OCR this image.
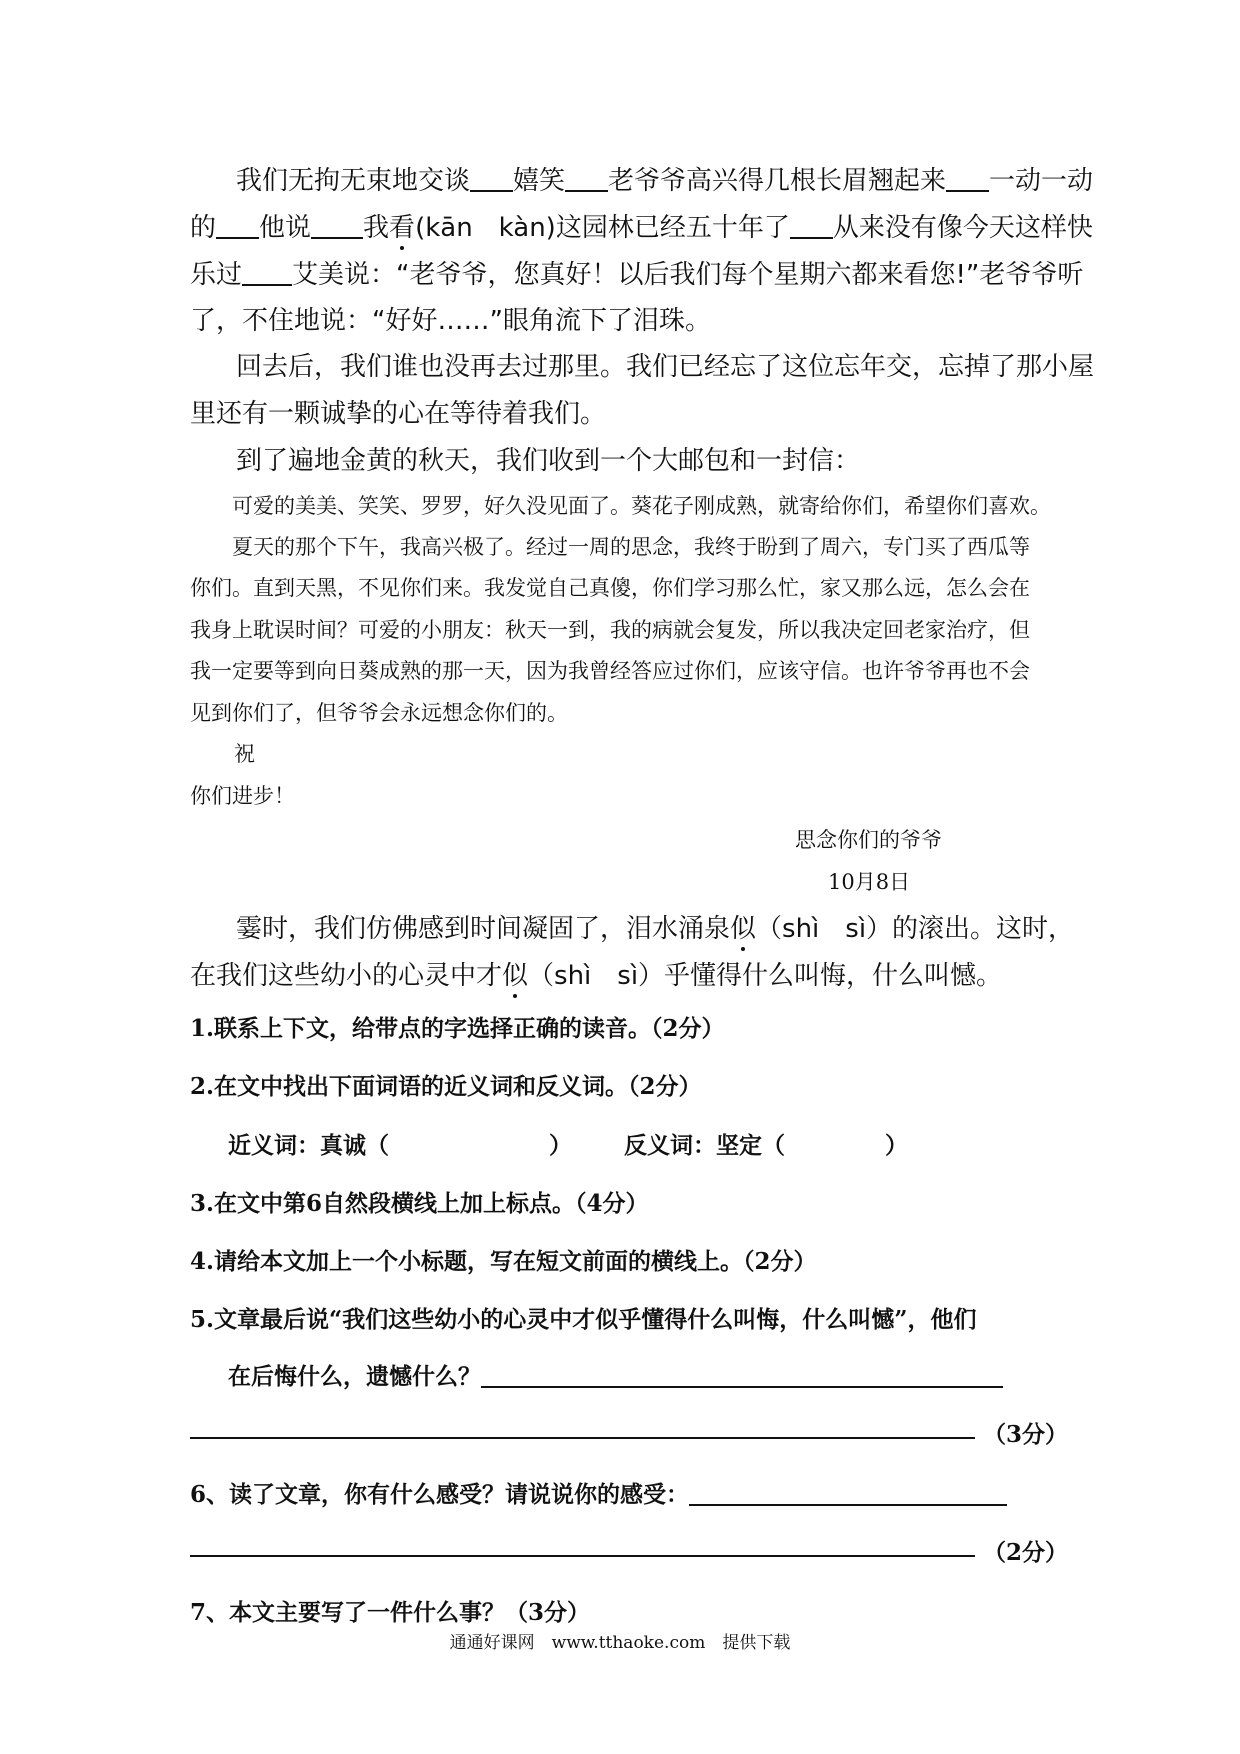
我们无拘无束地交谈 嬉笑 老爷爷高兴得几根长眉翘起来 一动一动
的 他说 我看(kān　kàn)这园林已经五十年了 从来没有像今天这样快
乐过 艾美说：“老爷爷，您真好！以后我们每个星期六都来看您!”老爷爷听
了，不住地说：“好好……”眼角流下了泪珠。
回去后，我们谁也没再去过那里。我们已经忘了这位忘年交，忘掉了那小屋
里还有一颗诚挚的心在等待着我们。
到了遍地金黄的秋天，我们收到一个大邮包和一封信：
可爱的美美、笑笑、罗罗，好久没见面了。葵花子刚成熟，就寄给你们，希望你们喜欢。
夏天的那个下午，我高兴极了。经过一周的思念，我终于盼到了周六，专门买了西瓜等
你们。直到天黑，不见你们来。我发觉自己真傻，你们学习那么忙，家又那么远，怎么会在
我身上耽误时间？可爱的小朋友：秋天一到，我的病就会复发，所以我决定回老家治疗，但
我一定要等到向日葵成熟的那一天，因为我曾经答应过你们，应该守信。也许爷爷再也不会
见到你们了，但爷爷会永远想念你们的。
祝
你们进步！
思念你们的爷爷
10月8日
霎时，我们仿佛感到时间凝固了，泪水涌泉似（shì　sì）的滚出。这时，
在我们这些幼小的心灵中才似（shì　sì）乎懂得什么叫悔，什么叫憾。
1.联系上下文，给带点的字选择正确的读音。（2分）
2.在文中找出下面词语的近义词和反义词。（2分）
近义词：真诚（	） 反义词：坚定（	）
3.在文中第6自然段横线上加上标点。（4分）
4.请给本文加上一个小标题，写在短文前面的横线上。（2分）
5.文章最后说“我们这些幼小的心灵中才似乎懂得什么叫悔，什么叫憾”，他们
在后悔什么，遗憾什么？
（3分）
6、读了文章，你有什么感受？请说说你的感受：
（2分）
7、本文主要写了一件什么事？（3分）
通通好课网　www.tthaoke.com　提供下载
